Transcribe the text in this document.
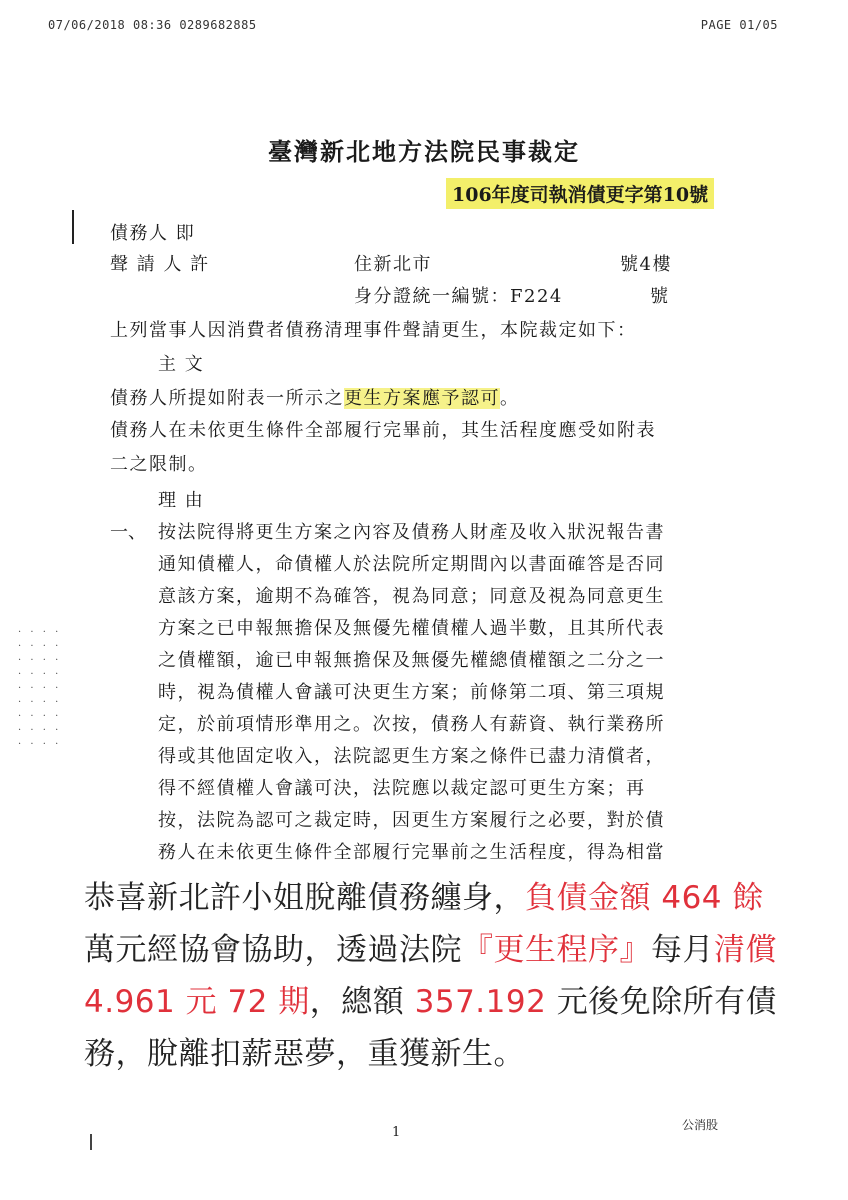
07/06/2018 08:36 0289682885	PAGE 01/05
臺灣新北地方法院民事裁定
106年度司執消債更字第10號
債務人 即
聲 請 人 許	住新北市	號4樓
身分證統一編號：F224	號
上列當事人因消費者債務清理事件聲請更生，本院裁定如下：
主 文
債務人所提如附表一所示之更生方案應予認可。
債務人在未依更生條件全部履行完畢前，其生活程度應受如附表
二之限制。
理 由
一、 按法院得將更生方案之內容及債務人財產及收入狀況報告書
通知債權人，命債權人於法院所定期間內以書面確答是否同
意該方案，逾期不為確答，視為同意；同意及視為同意更生
方案之已申報無擔保及無優先權債權人過半數，且其所代表
之債權額，逾已申報無擔保及無優先權總債權額之二分之一
時，視為債權人會議可決更生方案；前條第二項、第三項規
定，於前項情形準用之。次按，債務人有薪資、執行業務所
得或其他固定收入，法院認更生方案之條件已盡力清償者，
得不經債權人會議可決，法院應以裁定認可更生方案；再
按，法院為認可之裁定時，因更生方案履行之必要，對於債
務人在未依更生條件全部履行完畢前之生活程度，得為相當
· · · ·
· · · ·
· · · ·
· · · ·
· · · ·
· · · ·
· · · ·
· · · ·
· · · ·
恭喜新北許小姐脫離債務纏身，負債金額 464 餘萬元經協會協助，透過法院『更生程序』每月清償 4.961 元 72 期，總額 357.192 元後免除所有債務，脫離扣薪惡夢，重獲新生。
1	公消股
